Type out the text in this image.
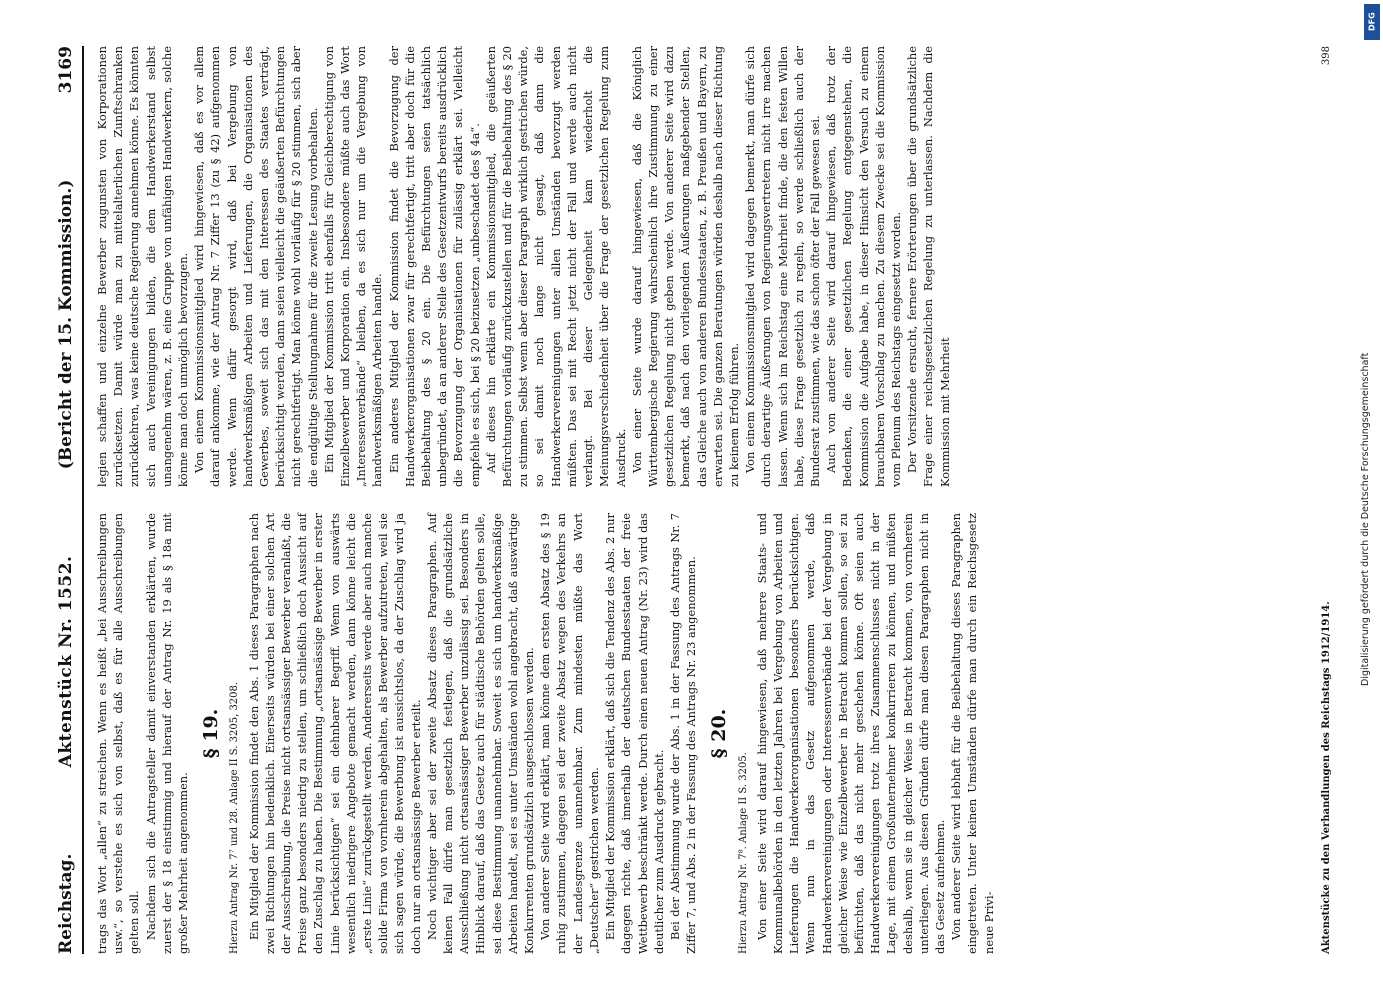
Reichstag.
Aktenstück Nr. 1552.
(Bericht der 15. Kommission.)
3169

trags das Wort „allen“ zu streichen. Wenn es heißt „bei Ausschreibungen usw.“, so verstehe es sich von selbst, daß es für alle Ausschreibungen gelten soll. Nachdem sich die Antragsteller damit einverstanden erklärten, wurde zuerst der § 18 einstimmig und hierauf der Antrag Nr. 19 als § 18a mit großer Mehrheit angenommen.

§ 19. Hierzu Antrag Nr. 7⁷ und 28. Anlage II S. 3205, 3208. Ein Mitglied der Kommission findet den Abs. 1 dieses Paragraphen nach zwei Richtungen hin bedenklich. Einerseits würden bei einer solchen Art der Ausschreibung, die Preise nicht ortsansässiger Bewerber veranlaßt, die Preise ganz besonders niedrig zu stellen, um schließlich doch Aussicht auf den Zuschlag zu haben. Die Bestimmung „ortsansässige Bewerber in erster Linie berücksichtigen“ sei ein dehnbarer Begriff. Wenn von auswärts wesentlich niedrigere Angebote gemacht werden, dann könne leicht die „erste Linie“ zurückgestellt werden. Andererseits werde aber auch manche solide Firma von vornherein abgehalten, als Bewerber aufzutreten, weil sie sich sagen würde, die Bewerbung ist aussichtslos, da der Zuschlag wird ja doch nur an ortsansässige Bewerber erteilt. Noch wichtiger aber sei der zweite Absatz dieses Paragraphen. Auf keinen Fall dürfe man gesetzlich festlegen, daß die grundsätzliche Ausschließung nicht ortsansässiger Bewerber unzulässig sei. Besonders in Hinblick darauf, daß das Gesetz auch für städtische Behörden gelten solle, sei diese Bestimmung unannehmbar. Soweit es sich um handwerksmäßige Arbeiten handelt, sei es unter Umständen wohl angebracht, daß auswärtige Konkurrenten grundsätzlich ausgeschlossen werden. Von anderer Seite wird erklärt, man könne dem ersten Absatz des § 19 ruhig zustimmen, dagegen sei der zweite Absatz wegen des Verkehrs an der Landesgrenze unannehmbar. Zum mindesten müßte das Wort „Deutscher“ gestrichen werden. Ein Mitglied der Kommission erklärt, daß sich die Tendenz des Abs. 2 nur dagegen richte, daß innerhalb der deutschen Bundesstaaten der freie Wettbewerb beschränkt werde. Durch einen neuen Antrag (Nr. 23) wird das deutlicher zum Ausdruck gebracht. Bei der Abstimmung wurde der Abs. 1 in der Fassung des Antrags Nr. 7 Ziffer 7, und Abs. 2 in der Fassung des Antrags Nr. 23 angenommen. § 20.

Hierzu Antrag Nr. 7⁸. Anlage II S. 3205. Von einer Seite wird darauf hingewiesen, daß mehrere Staats- und Kommunalbehörden in den letzten Jahren bei Vergebung von Arbeiten und Lieferungen die Handwerkerorganisationen besonders berücksichtigen. Wenn nun in das Gesetz aufgenommen werde, daß Handwerkervereinigungen oder Interessenverbände bei der Vergebung in gleicher Weise wie Einzelbewerber in Betracht kommen sollen, so sei zu befürchten, daß das nicht mehr geschehen könne. Oft seien auch Handwerkervereinigungen trotz ihres Zusammenschlusses nicht in der Lage, mit einem Großunternehmer konkurrieren zu können, und müßten deshalb, wenn sie in gleicher Weise in Betracht kommen, von vornherein unterliegen. Aus diesen Gründen dürfe man diesen Paragraphen nicht in das Gesetz aufnehmen. Von anderer Seite wird lebhaft für die Beibehaltung dieses Paragraphen eingetreten. Unter keinen Umständen dürfe man durch ein Reichsgesetz neue Privi-

legien schaffen und einzelne Bewerber zugunsten von Korporationen zurücksetzen. Damit würde man zu mittelalterlichen Zunftschranken zurückkehren, was keine deutsche Regierung annehmen könne. Es könnten sich auch Vereinigungen bilden, die dem Handwerkerstand selbst unangenehm wären, z. B. eine Gruppe von unfähigen Handwerkern, solche könne man doch unmöglich bevorzugen. Von einem Kommissionsmitglied wird hingewiesen, daß es vor allem darauf ankomme, wie der Antrag Nr. 7 Ziffer 13 (zu § 42) aufgenommen werde. Wenn dafür gesorgt wird, daß bei Vergebung von handwerksmäßigen Arbeiten und Lieferungen, die Organisationen des Gewerbes, soweit sich das mit den Interessen des Staates verträgt, berücksichtigt werden, dann seien vielleicht die geäußerten Befürchtungen nicht gerechtfertigt. Man könne wohl vorläufig für § 20 stimmen, sich aber die endgültige Stellungnahme für die zweite Lesung vorbehalten. Ein Mitglied der Kommission tritt ebenfalls für Gleichberechtigung von Einzelbewerber und Korporation ein. Insbesondere müßte auch das Wort „Interessenverbände“ bleiben, da es sich nur um die Vergebung von handwerksmäßigen Arbeiten handle. Ein anderes Mitglied der Kommission findet die Bevorzugung der Handwerkerorganisationen zwar für gerechtfertigt, tritt aber doch für die Beibehaltung des § 20 ein. Die Befürchtungen seien tatsächlich unbegründet, da an anderer Stelle des Gesetzentwurfs bereits ausdrücklich die Bevorzugung der Organisationen für zulässig erklärt sei. Vielleicht empfehle es sich, bei § 20 beizusetzen „unbeschadet des § 4a“. Auf dieses hin erklärte ein Kommissionsmitglied, die geäußerten Befürchtungen vorläufig zurückzustellen und für die Beibehaltung des § 20 zu stimmen. Selbst wenn aber dieser Paragraph wirklich gestrichen würde, so sei damit noch lange nicht gesagt, daß dann die Handwerkervereinigungen unter allen Umständen bevorzugt werden müßten. Das sei mit Recht jetzt nicht der Fall und werde auch nicht verlangt. Bei dieser Gelegenheit kam wiederholt die Meinungsverschiedenheit über die Frage der gesetzlichen Regelung zum Ausdruck. Von einer Seite wurde darauf hingewiesen, daß die Königlich Württembergische Regierung wahrscheinlich ihre Zustimmung zu einer gesetzlichen Regelung nicht geben werde. Von anderer Seite wird dazu bemerkt, daß nach den vorliegenden Äußerungen maßgebender Stellen, das Gleiche auch von anderen Bundesstaaten, z. B. Preußen und Bayern, zu erwarten sei. Die ganzen Beratungen würden deshalb nach dieser Richtung zu keinem Erfolg führen. Von einem Kommissionsmitglied wird dagegen bemerkt, man dürfe sich durch derartige Äußerungen von Regierungsvertretern nicht irre machen lassen. Wenn sich im Reichstag eine Mehrheit finde, die den festen Willen habe, diese Frage gesetzlich zu regeln, so werde schließlich auch der Bundesrat zustimmen, wie das schon öfter der Fall gewesen sei. Auch von anderer Seite wird darauf hingewiesen, daß trotz der Bedenken, die einer gesetzlichen Regelung entgegenstehen, die Kommission die Aufgabe habe, in dieser Hinsicht den Versuch zu einem brauchbaren Vorschlag zu machen. Zu diesem Zwecke sei die Kommission vom Plenum des Reichstags eingesetzt worden. Der Vorsitzende ersucht, fernere Erörterungen über die grundsätzliche Frage einer reichsgesetzlichen Regelung zu unterlassen. Nachdem die Kommission mit Mehrheit

Aktenstücke zu den Verhandlungen des Reichstags 1912/1914.
398
DFG
Digitalisierung gefördert durch die Deutsche Forschungsgemeinschaft
